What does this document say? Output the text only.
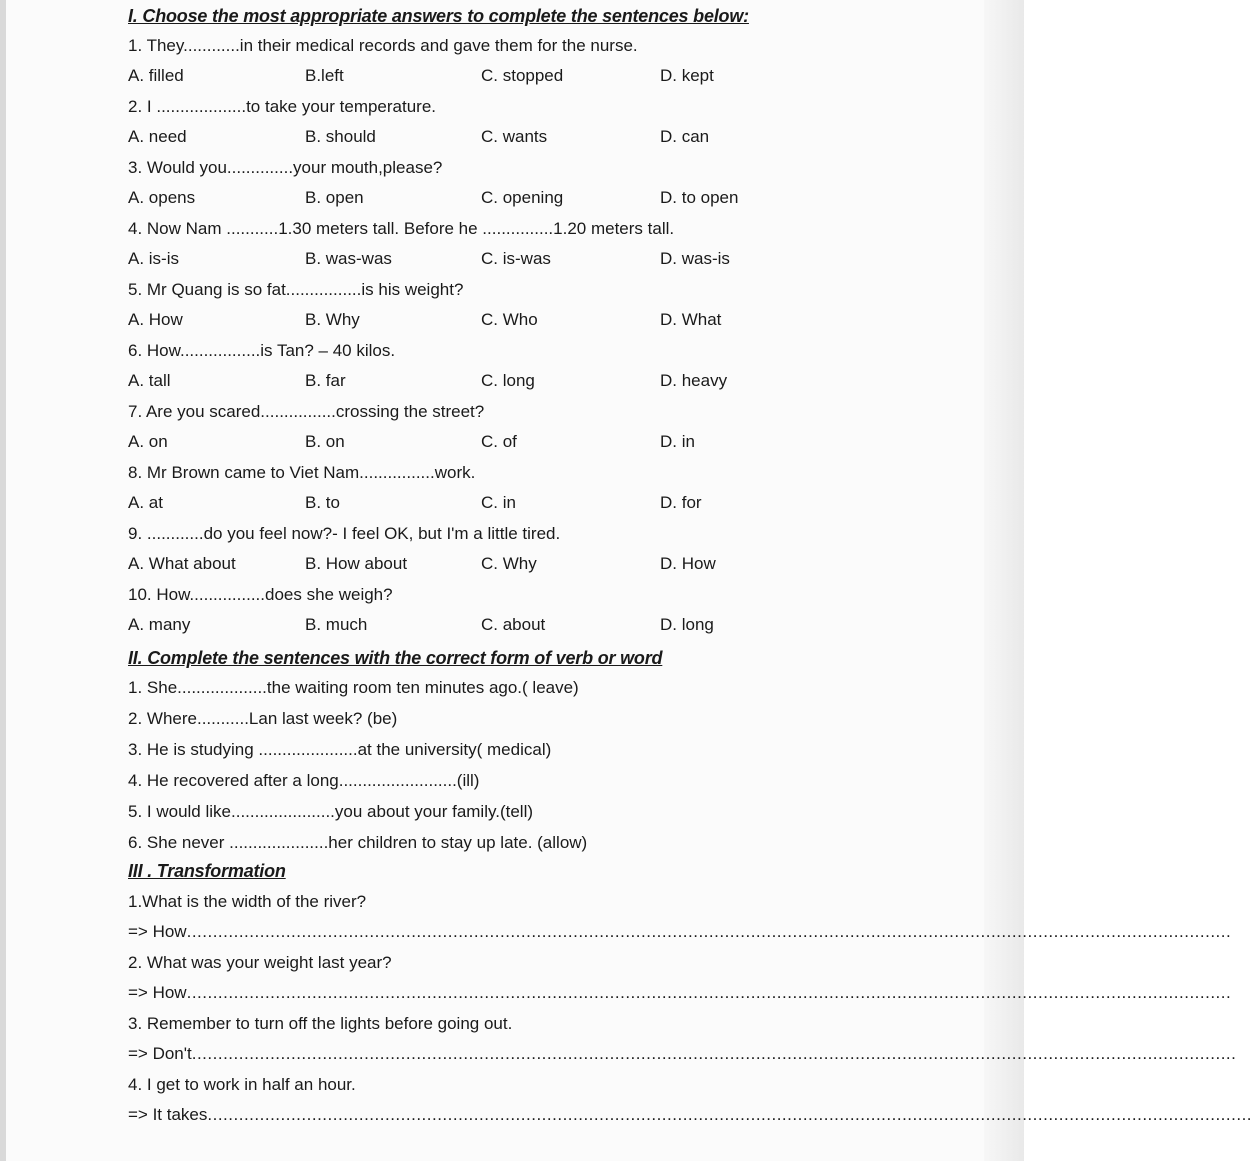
I. Choose the most appropriate answers to complete the sentences below:
1. They............in their medical records and gave them for the nurse.
A. filled	B.left	C. stopped	D. kept
2. I ...................to take your temperature.
A. need	B. should	C. wants	D. can
3. Would you..............your mouth,please?
A. opens	B. open	C. opening	D. to open
4. Now Nam ...........1.30 meters tall. Before he ...............1.20 meters tall.
A. is-is	B. was-was	C. is-was	D. was-is
5. Mr Quang is so fat................is his weight?
A. How	B. Why	C. Who	D. What
6. How.................is Tan? – 40 kilos.
A. tall	B. far	C. long	D. heavy
7. Are you scared................crossing the street?
A. on	B. on	C. of	D. in
8. Mr Brown came to Viet Nam................work.
A. at	B. to	C. in	D. for
9. ............do you feel now?- I feel OK, but I'm a little tired.
A. What about	B. How about	C. Why	D. How
10. How................does she weigh?
A. many	B. much	C. about	D. long
II. Complete the sentences with the correct form of verb or word
1. She...................the waiting room ten minutes ago.( leave)
2. Where...........Lan last week? (be)
3. He is studying .....................at the university( medical)
4. He recovered after a long.........................(ill)
5. I would like......................you about your family.(tell)
6. She never .....................her children to stay up late. (allow)
III . Transformation
1.What is the width of the river?
=> How........................................................................................................................................................................................................
2. What was your weight last year?
=> How........................................................................................................................................................................................................
3. Remember to turn off the lights before going out.
=> Don't........................................................................................................................................................................................................
4. I get to work in half an hour.
=> It takes........................................................................................................................................................................................................
